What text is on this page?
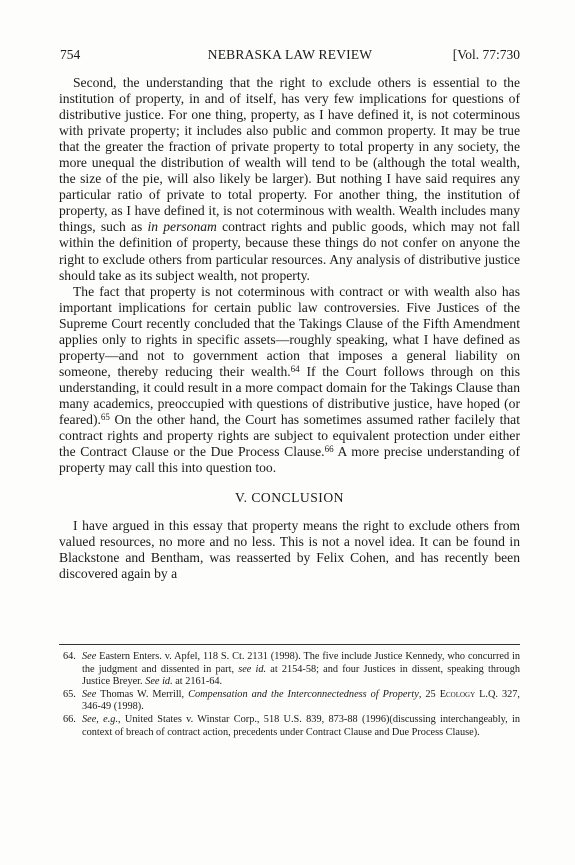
754	NEBRASKA LAW REVIEW	[Vol. 77:730

Second, the understanding that the right to exclude others is essential to the institution of property, in and of itself, has very few implications for questions of distributive justice. For one thing, property, as I have defined it, is not coterminous with private property; it includes also public and common property. It may be true that the greater the fraction of private property to total property in any society, the more unequal the distribution of wealth will tend to be (although the total wealth, the size of the pie, will also likely be larger). But nothing I have said requires any particular ratio of private to total property. For another thing, the institution of property, as I have defined it, is not coterminous with wealth. Wealth includes many things, such as in personam contract rights and public goods, which may not fall within the definition of property, because these things do not confer on anyone the right to exclude others from particular resources. Any analysis of distributive justice should take as its subject wealth, not property.

The fact that property is not coterminous with contract or with wealth also has important implications for certain public law controversies. Five Justices of the Supreme Court recently concluded that the Takings Clause of the Fifth Amendment applies only to rights in specific assets—roughly speaking, what I have defined as property—and not to government action that imposes a general liability on someone, thereby reducing their wealth.$^{64}$ If the Court follows through on this understanding, it could result in a more compact domain for the Takings Clause than many academics, preoccupied with questions of distributive justice, have hoped (or feared).$^{65}$ On the other hand, the Court has sometimes assumed rather facilely that contract rights and property rights are subject to equivalent protection under either the Contract Clause or the Due Process Clause.$^{66}$ A more precise understanding of property may call this into question too.

V. CONCLUSION

I have argued in this essay that property means the right to exclude others from valued resources, no more and no less. This is not a novel idea. It can be found in Blackstone and Bentham, was reasserted by Felix Cohen, and has recently been discovered again by a

64. See Eastern Enters. v. Apfel, 118 S. Ct. 2131 (1998). The five include Justice Kennedy, who concurred in the judgment and dissented in part, see id. at 2154-58; and four Justices in dissent, speaking through Justice Breyer. See id. at 2161-64.
65. See Thomas W. Merrill, Compensation and the Interconnectedness of Property, 25 Ecology L.Q. 327, 346-49 (1998).
66. See, e.g., United States v. Winstar Corp., 518 U.S. 839, 873-88 (1996)(discussing interchangeably, in context of breach of contract action, precedents under Contract Clause and Due Process Clause).
